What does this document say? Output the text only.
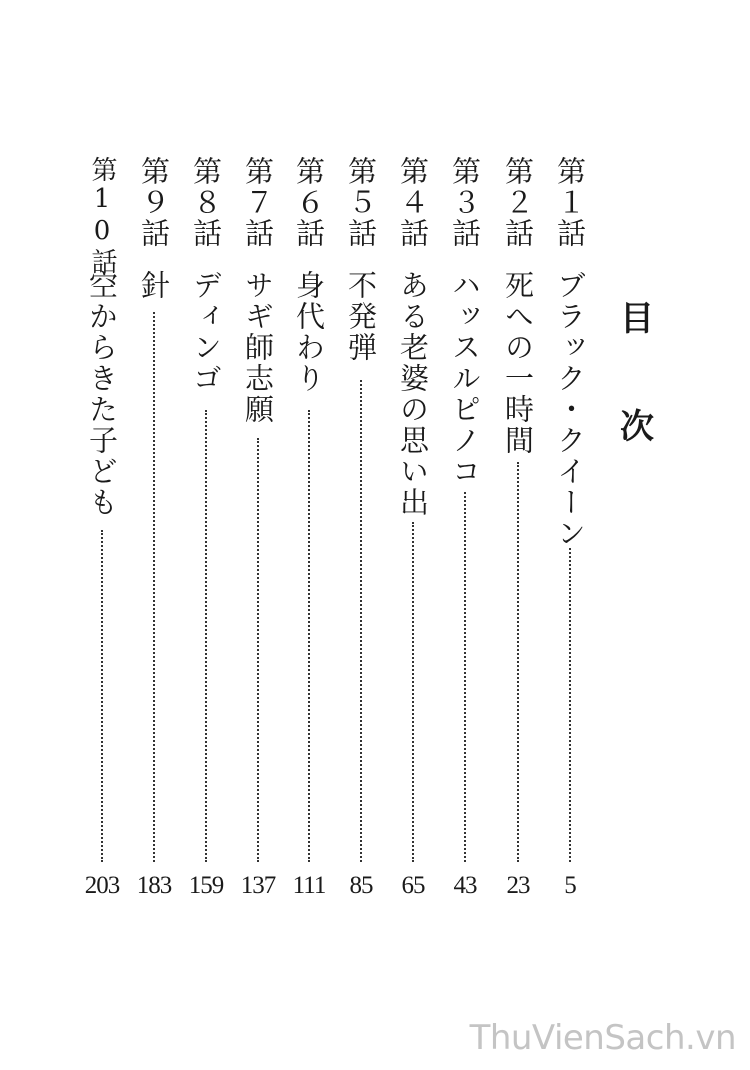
目
次
第１話
ブラック・クイーン
5
第２話
死への一時間
23
第３話
ハッスルピノコ
43
第４話
ある老婆の思い出
65
第５話
不発弾
85
第６話
身代わり
111
第７話
サギ師志願
137
第８話
ディンゴ
159
第９話
針
183
第10話
空からきた子ども
203
ThuVienSach.vn
